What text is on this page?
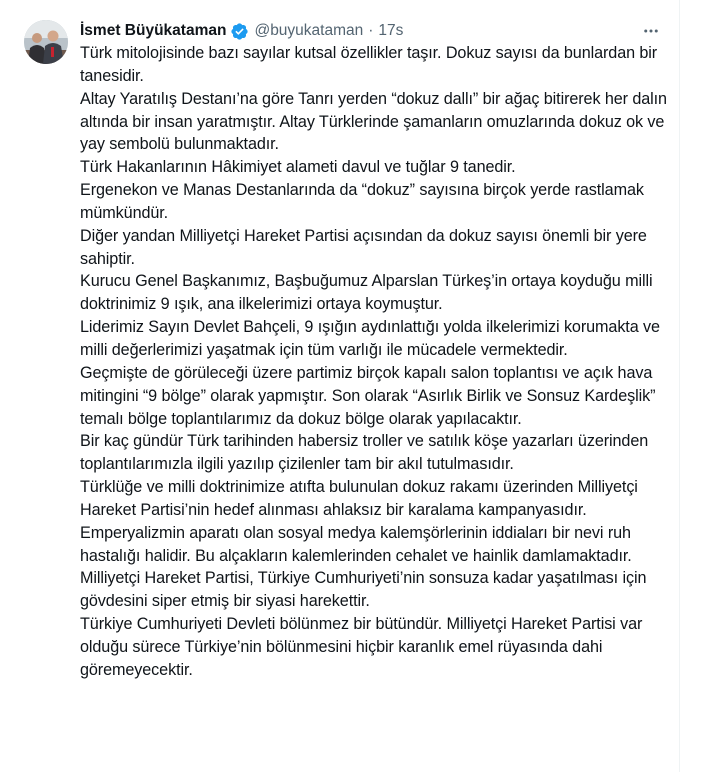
İsmet Büyükataman @buyukataman · 17s

Türk mitolojisinde bazı sayılar kutsal özellikler taşır. Dokuz sayısı da bunlardan bir tanesidir.

Altay Yaratılış Destanı’na göre Tanrı yerden “dokuz dallı” bir ağaç bitirerek her dalın altında bir insan yaratmıştır. Altay Türklerinde şamanların omuzlarında dokuz ok ve yay sembolü bulunmaktadır.

Türk Hakanlarının Hâkimiyet alameti davul ve tuğlar 9 tanedir.

Ergenekon ve Manas Destanlarında da “dokuz” sayısına birçok yerde rastlamak mümkündür.

Diğer yandan Milliyetçi Hareket Partisi açısından da dokuz sayısı önemli bir yere sahiptir.

Kurucu Genel Başkanımız, Başbuğumuz Alparslan Türkeş’in ortaya koyduğu milli doktrinimiz 9 ışık, ana ilkelerimizi ortaya koymuştur.

Liderimiz Sayın Devlet Bahçeli, 9 ışığın aydınlattığı yolda ilkelerimizi korumakta ve milli değerlerimizi yaşatmak için tüm varlığı ile mücadele vermektedir.

Geçmişte de görüleceği üzere partimiz birçok kapalı salon toplantısı ve açık hava mitingini “9 bölge” olarak yapmıştır. Son olarak “Asırlık Birlik ve Sonsuz Kardeşlik” temalı bölge toplantılarımız da dokuz bölge olarak yapılacaktır.

Bir kaç gündür Türk tarihinden habersiz troller ve satılık köşe yazarları üzerinden toplantılarımızla ilgili yazılıp çizilenler tam bir akıl tutulmasıdır.

Türklüğe ve milli doktrinimize atıfta bulunulan dokuz rakamı üzerinden Milliyetçi Hareket Partisi’nin hedef alınması ahlaksız bir karalama kampanyasıdır.

Emperyalizmin aparatı olan sosyal medya kalemşörlerinin iddiaları bir nevi ruh hastalığı halidir. Bu alçakların kalemlerinden cehalet ve hainlik damlamaktadır.

Milliyetçi Hareket Partisi, Türkiye Cumhuriyeti’nin sonsuza kadar yaşatılması için gövdesini siper etmiş bir siyasi harekettir.

Türkiye Cumhuriyeti Devleti bölünmez bir bütündür. Milliyetçi Hareket Partisi var olduğu sürece Türkiye’nin bölünmesini hiçbir karanlık emel rüyasında dahi göremeyecektir.
